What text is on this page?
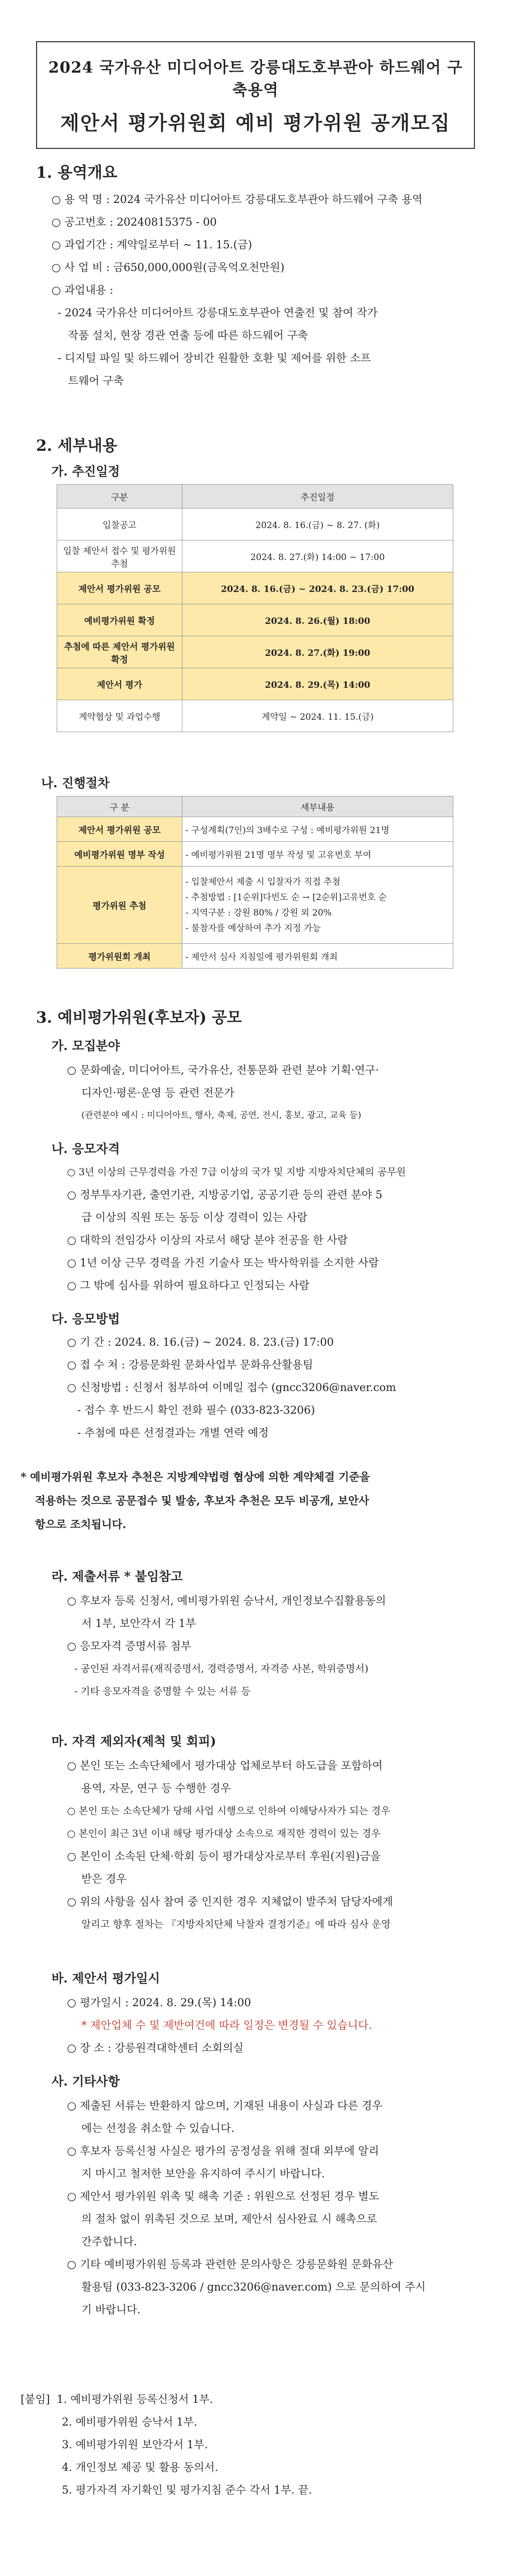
2024 국가유산 미디어아트 강릉대도호부관아 하드웨어 구축용역
제안서 평가위원회 예비 평가위원 공개모집
1. 용역개요
○ 용 역 명 : 2024 국가유산 미디어아트 강릉대도호부관아 하드웨어 구축 용역
○ 공고번호 : 20240815375 - 00
○ 과업기간 : 계약일로부터 ~ 11. 15.(금)
○ 사 업 비 : 금650,000,000원(금옥억오천만원)
○ 과업내용 :
- 2024 국가유산 미디어아트 강릉대도호부관아 연출전 및 참여 작가
작품 설치, 현장 경관 연출 등에 따른 하드웨어 구축
- 디지털 파일 및 하드웨어 장비간 원활한 호환 및 제어를 위한 소프
트웨어 구축
2. 세부내용
가. 추진일정
구분	추진일정
입찰공고	2024. 8. 16.(금) ~ 8. 27. (화)
입찰 제안서 접수 및 평가위원 추첨	2024. 8. 27.(화) 14:00 ~ 17:00
제안서 평가위원 공모	2024. 8. 16.(금) ~ 2024. 8. 23.(금) 17:00
예비평가위원 확정	2024. 8. 26.(월) 18:00
추첨에 따른 제안서 평가위원 확정	2024. 8. 27.(화) 19:00
제안서 평가	2024. 8. 29.(목) 14:00
계약협상 및 과업수행	계약일 ~ 2024. 11. 15.(금)
나. 진행절차
구 분	세부내용
제안서 평가위원 공모	- 구성계획(7인)의 3배수로 구성 : 예비평가위원 21명
예비평가위원 명부 작성	- 예비평가위원 21명 명부 작성 및 고유번호 부여
평가위원 추첨	- 입찰제안서 제출 시 입찰자가 직접 추첨
- 추첨방법 : [1순위]다빈도 순 → [2순위]고유번호 순
- 지역구분 : 강원 80% / 강원 외 20%
- 불참자를 예상하여 추가 지정 가능

평가위원회 개최	- 제안서 심사 지침일에 평가위원회 개최
3. 예비평가위원(후보자) 공모
가. 모집분야
○ 문화예술, 미디어아트, 국가유산, 전통문화 관련 분야 기획·연구·
디자인·평론·운영 등 관련 전문가
(관련분야 예시 : 미디어아트, 행사, 축제, 공연, 전시, 홍보, 광고, 교육 등)
나. 응모자격
○ 3년 이상의 근무경력을 가진 7급 이상의 국가 및 지방 지방자치단체의 공무원
○ 정부투자기관, 출연기관, 지방공기업, 공공기관 등의 관련 분야 5
급 이상의 직원 또는 동등 이상 경력이 있는 사람
○ 대학의 전임강사 이상의 자로서 해당 분야 전공을 한 사람
○ 1년 이상 근무 경력을 가진 기술사 또는 박사학위를 소지한 사람
○ 그 밖에 심사를 위하여 필요하다고 인정되는 사람
다. 응모방법
○ 기 간 : 2024. 8. 16.(금) ~ 2024. 8. 23.(금) 17:00
○ 접 수 처 : 강릉문화원 문화사업부 문화유산활용팀
○ 신청방법 : 신청서 첨부하여 이메일 접수 (gncc3206@naver.com
- 접수 후 반드시 확인 전화 필수 (033-823-3206)
- 추첨에 따른 선정결과는 개별 연락 예정
* 예비평가위원 후보자 추천은 지방계약법령 협상에 의한 계약체결 기준을
적용하는 것으로 공문접수 및 발송, 후보자 추천은 모두 비공개, 보안사
항으로 조치됩니다.
라. 제출서류 * 붙임참고
○ 후보자 등록 신청서, 예비평가위원 승낙서, 개인정보수집활용동의
서 1부, 보안각서 각 1부
○ 응모자격 증명서류 첨부
- 공인된 자격서류(재직증명서, 경력증명서, 자격증 사본, 학위증명서)
- 기타 응모자격을 증명할 수 있는 서류 등
마. 자격 제외자(제척 및 회피)
○ 본인 또는 소속단체에서 평가대상 업체로부터 하도급을 포함하여
용역, 자문, 연구 등 수행한 경우
○ 본인 또는 소속단체가 당해 사업 시행으로 인하여 이해당사자가 되는 경우
○ 본인이 최근 3년 이내 해당 평가대상 소속으로 재직한 경력이 있는 경우
○ 본인이 소속된 단체·학회 등이 평가대상자로부터 후원(지원)금을
받은 경우
○ 위의 사항을 심사 참여 중 인지한 경우 지체없이 발주처 담당자에게
알리고 향후 절차는 『지방자치단체 낙찰자 결정기준』에 따라 심사 운영
바. 제안서 평가일시
○ 평가일시 : 2024. 8. 29.(목) 14:00
* 제안업체 수 및 제반여건에 따라 일정은 변경될 수 있습니다.
○ 장 소 : 강릉원격대학센터 소회의실
사. 기타사항
○ 제출된 서류는 반환하지 않으며, 기재된 내용이 사실과 다른 경우
에는 선정을 취소할 수 있습니다.
○ 후보자 등록신청 사실은 평가의 공정성을 위해 절대 외부에 알리
지 마시고 철저한 보안을 유지하여 주시기 바랍니다.
○ 제안서 평가위원 위촉 및 해촉 기준 : 위원으로 선정된 경우 별도
의 절차 없이 위촉된 것으로 보며, 제안서 심사완료 시 해촉으로
간주합니다.
○ 기타 예비평가위원 등록과 관련한 문의사항은 강릉문화원 문화유산
활용팀 (033-823-3206 / gncc3206@naver.com) 으로 문의하여 주시
기 바랍니다.
[붙임] 1. 예비평가위원 등록신청서 1부.
2. 예비평가위원 승낙서 1부.
3. 예비평가위원 보안각서 1부.
4. 개인정보 제공 및 활용 동의서.
5. 평가자격 자기확인 및 평가지침 준수 각서 1부. 끝.
